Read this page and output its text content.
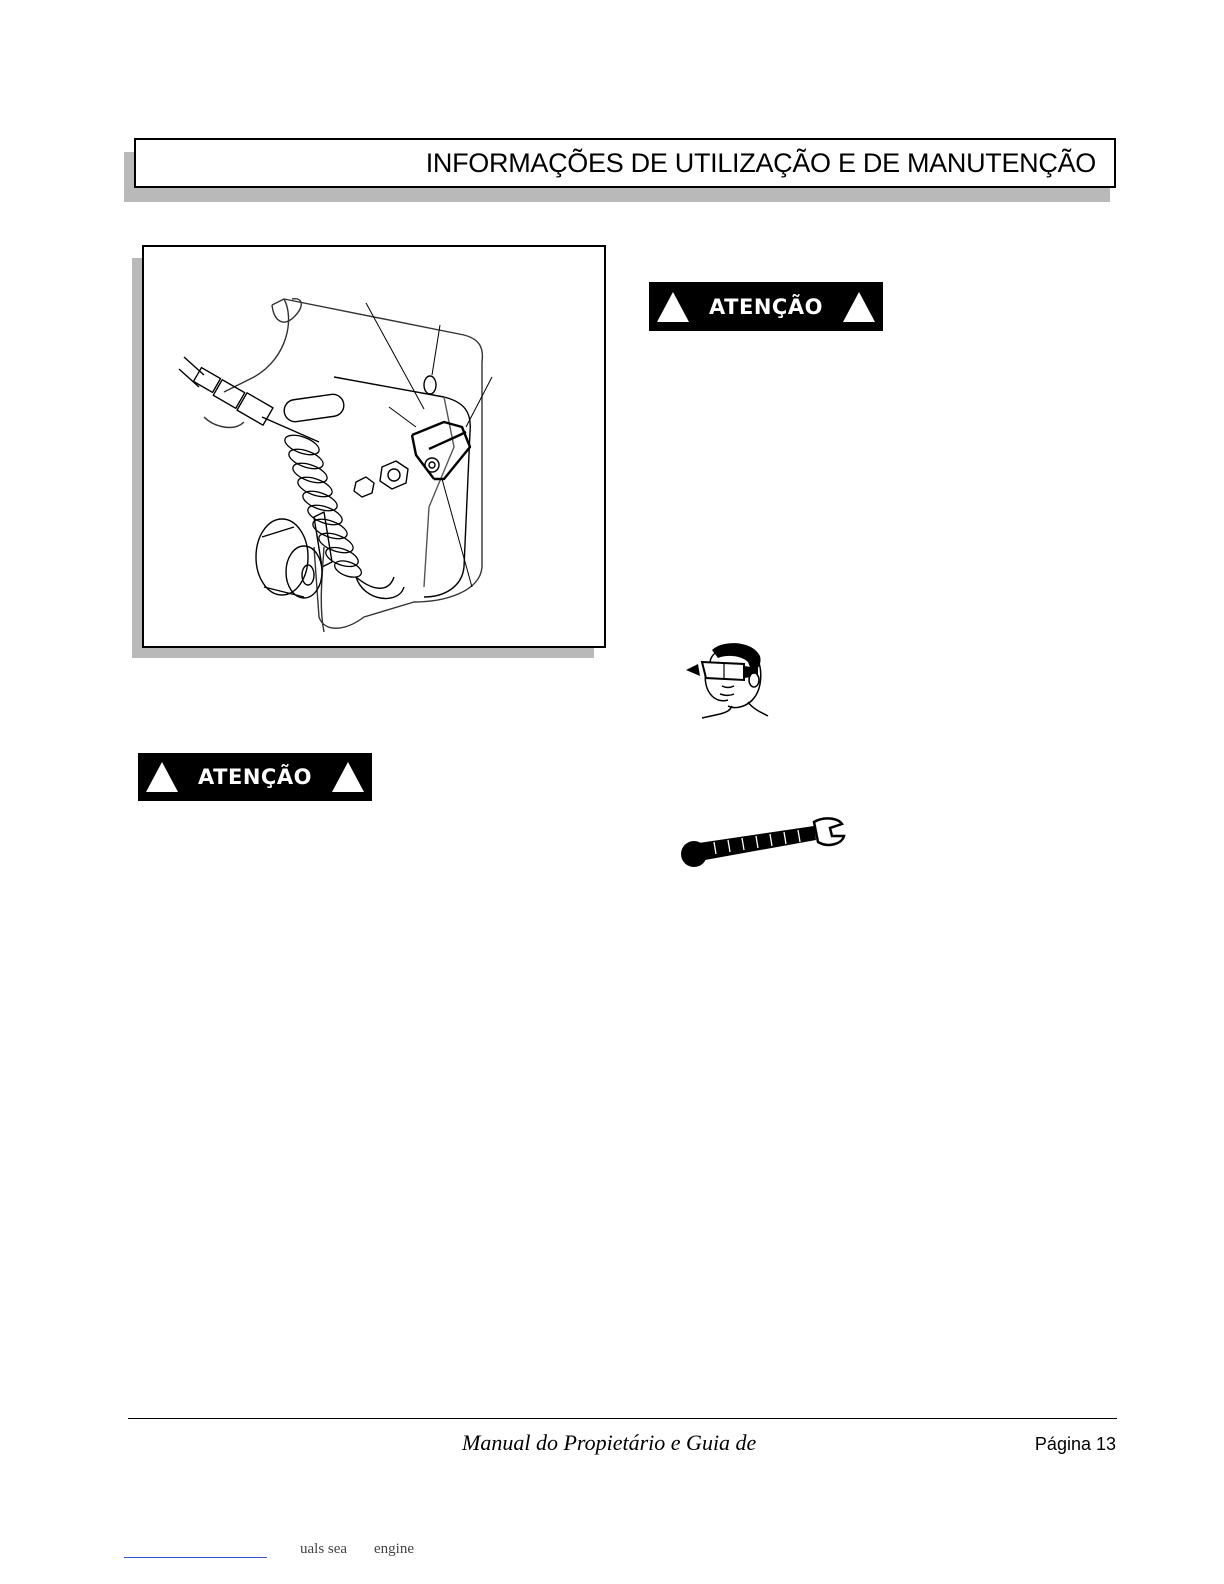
INFORMAÇÕES DE UTILIZAÇÃO E DE MANUTENÇÃO
ATENÇÃO
ATENÇÃO
Manual do Propietário e Guia de	Página 13
uals sea engine
